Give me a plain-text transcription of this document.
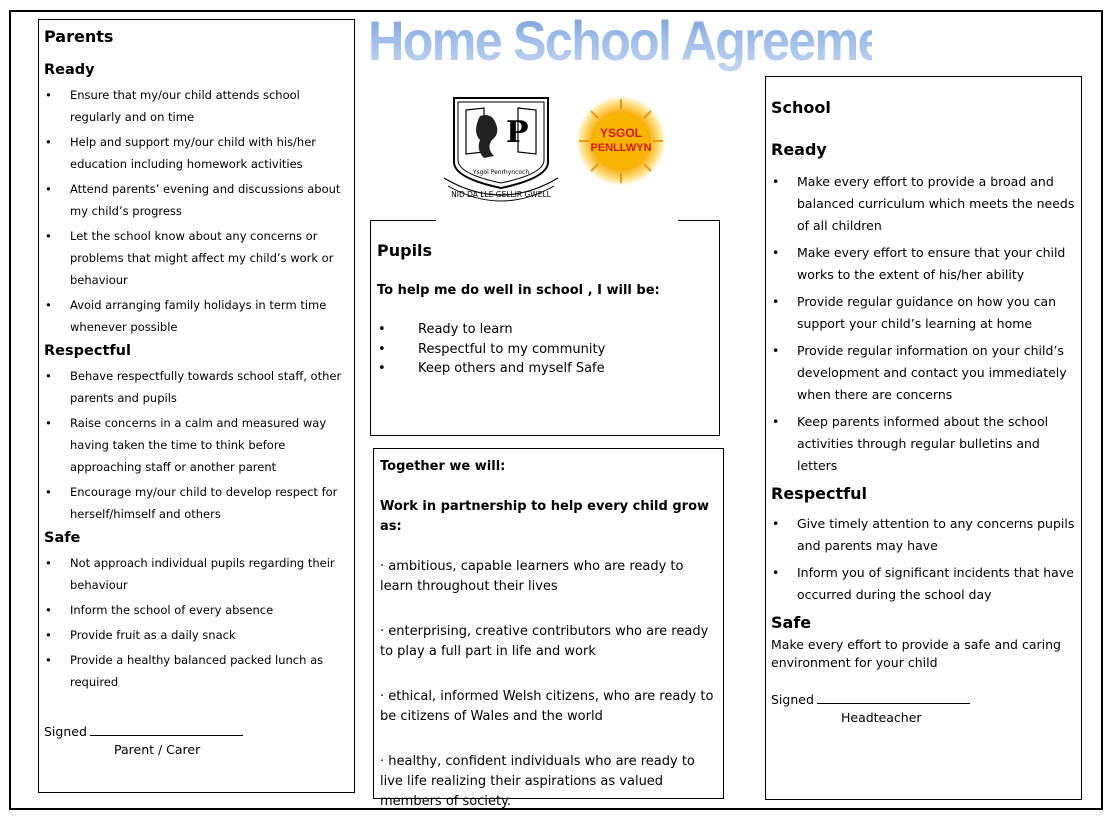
Home School Agreement
Parents
Ready
• Ensure that my/our child attends school regularly and on time
• Help and support my/our child with his/her education including homework activities
• Attend parents’ evening and discussions about my child’s progress
• Let the school know about any concerns or problems that might affect my child’s work or behaviour
• Avoid arranging family holidays in term time whenever possible
Respectful
• Behave respectfully towards school staff, other parents and pupils
• Raise concerns in a calm and measured way having taken the time to think before approaching staff or another parent
• Encourage my/our child to develop respect for herself/himself and others
Safe
• Not approach individual pupils regarding their behaviour
• Inform the school of every absence
• Provide fruit as a daily snack
• Provide a healthy balanced packed lunch as required
Signed
Parent / Carer
P
Ysgol Penrhyncoch
NID DA LLE GELLIR GWELL
YSGOL
PENLLWYN
Pupils
To help me do well in school , I will be:
• Ready to learn
• Respectful to my community
• Keep others and myself Safe

Together we will:

Work in partnership to help every child grow as:

· ambitious, capable learners who are ready to learn throughout their lives

· enterprising, creative contributors who are ready to play a full part in life and work

· ethical, informed Welsh citizens, who are ready to be citizens of Wales and the world

· healthy, confident individuals who are ready to live life realizing their aspirations as valued members of society.

School
Ready
• Make every effort to provide a broad and balanced curriculum which meets the needs of all children
• Make every effort to ensure that your child works to the extent of his/her ability
• Provide regular guidance on how you can support your child’s learning at home
• Provide regular information on your child’s development and contact you immediately when there are concerns
• Keep parents informed about the school activities through regular bulletins and letters
Respectful
• Give timely attention to any concerns pupils and parents may have
• Inform you of significant incidents that have occurred during the school day
Safe
Make every effort to provide a safe and caring environment for your child
Signed
Headteacher
